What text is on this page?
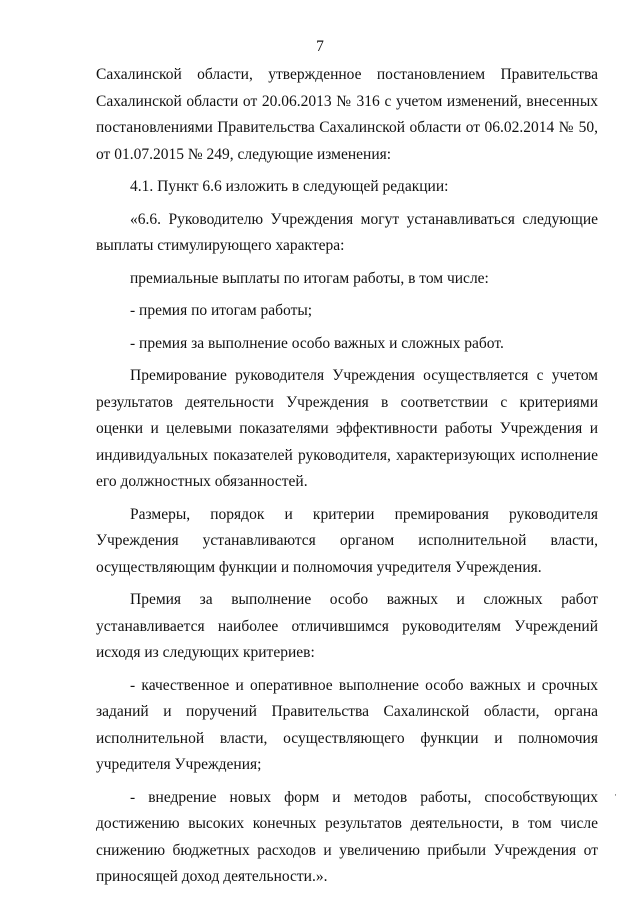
7

Сахалинской области, утвержденное постановлением Правительства Сахалинской области от 20.06.2013 № 316 с учетом изменений, внесенных постановлениями Правительства Сахалинской области от 06.02.2014 № 50, от 01.07.2015 № 249, следующие изменения:

4.1. Пункт 6.6 изложить в следующей редакции:

«6.6. Руководителю Учреждения могут устанавливаться следующие выплаты стимулирующего характера:

премиальные выплаты по итогам работы, в том числе:

- премия по итогам работы;

- премия за выполнение особо важных и сложных работ.

Премирование руководителя Учреждения осуществляется с учетом результатов деятельности Учреждения в соответствии с критериями оценки и целевыми показателями эффективности работы Учреждения и индивидуальных показателей руководителя, характеризующих исполнение его должностных обязанностей.

Размеры, порядок и критерии премирования руководителя Учреждения устанавливаются органом исполнительной власти, осуществляющим функции и полномочия учредителя Учреждения.

Премия за выполнение особо важных и сложных работ устанавливается наиболее отличившимся руководителям Учреждений исходя из следующих критериев:

- качественное и оперативное выполнение особо важных и срочных заданий и поручений Правительства Сахалинской области, органа исполнительной власти, осуществляющего функции и полномочия учредителя Учреждения;

- внедрение новых форм и методов работы, способствующих достижению высоких конечных результатов деятельности, в том числе снижению бюджетных расходов и увеличению прибыли Учреждения от приносящей доход деятельности.».

·
